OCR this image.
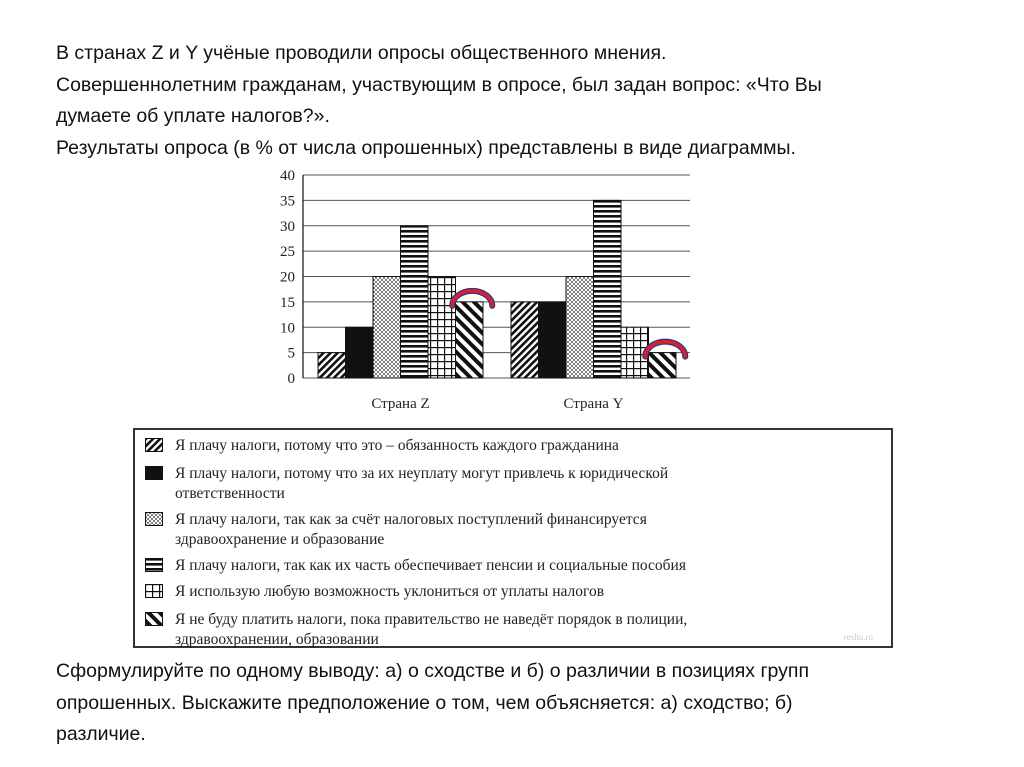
В странах Z и Y учёные проводили опросы общественного мнения.
Совершеннолетним гражданам, участвующим в опросе, был задан вопрос: «Что Вы
думаете об уплате налогов?».
Результаты опроса (в % от числа опрошенных) представлены в виде диаграммы.
0
5
10
15
20
25
30
35
40
Страна Z	Страна Y
Я плачу налоги, потому что это – обязанность каждого гражданина
Я плачу налоги, потому что за их неуплату могут привлечь к юридической
ответственности
Я плачу налоги, так как за счёт налоговых поступлений финансируется
здравоохранение и образование
Я плачу налоги, так как их часть обеспечивает пенсии и социальные пособия
Я использую любую возможность уклониться от уплаты налогов
Я не буду платить налоги, пока правительство не наведёт порядок в полиции,
здравоохранении, образовании	reshu.ru
Сформулируйте по одному выводу: а) о сходстве и б) о различии в позициях групп
опрошенных. Выскажите предположение о том, чем объясняется: а) сходство; б)
различие.
